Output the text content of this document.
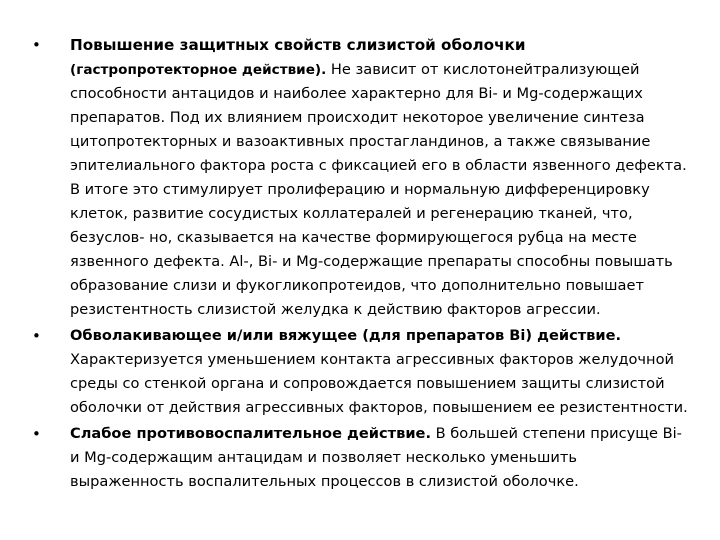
• Повышение защитных свойств слизистой оболочки
(гастропротекторное действие). Не зависит от кислотонейтрализующей способности антацидов и наиболее характерно для Bi- и Mg-содержащих препаратов. Под их влиянием происходит некоторое увеличение синтеза цитопротекторных и вазоактивных простагландинов, а также связывание эпителиального фактора роста с фиксацией его в области язвенного дефекта. В итоге это стимулирует пролиферацию и нормальную дифференцировку клеток, развитие сосудистых коллатералей и регенерацию тканей, что, безуслов- но, сказывается на качестве формирующегося рубца на месте язвенного дефекта. Al-, Bi- и Mg-содержащие препараты способны повышать образование слизи и фукогликопротеидов, что дополнительно повышает резистентность слизистой желудка к действию факторов агрессии.
• Обволакивающее и/или вяжущее (для препаратов Bi) действие. Характеризуется уменьшением контакта агрессивных факторов желудочной среды со стенкой органа и сопровождается повышением защиты слизистой оболочки от действия агрессивных факторов, повышением ее резистентности.
• Слабое противовоспалительное действие. В большей степени присуще Bi- и Mg-содержащим антацидам и позволяет несколько уменьшить выраженность воспалительных процессов в слизистой оболочке.
